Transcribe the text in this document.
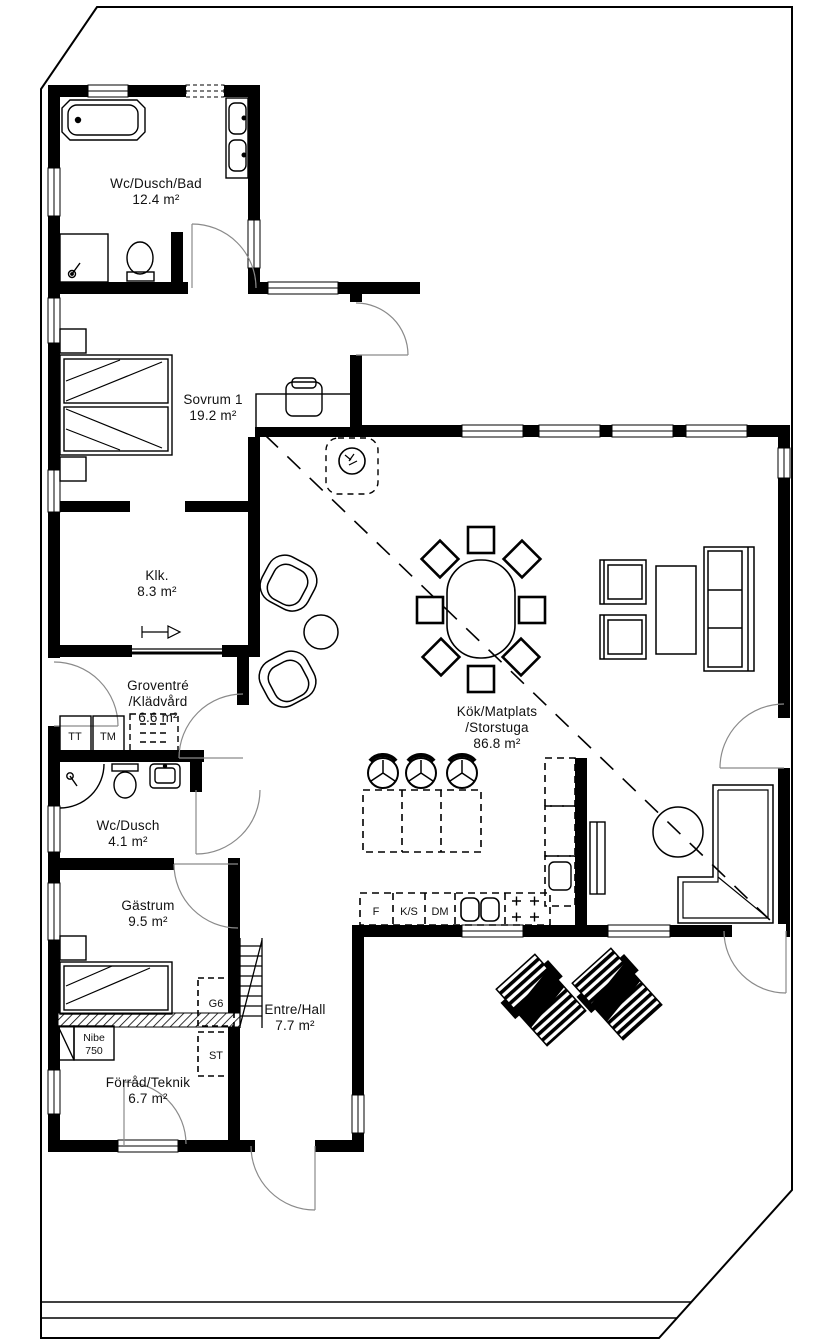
TT TM
Nibe
750
G6
ST
F K/S DM
Wc/Dusch/Bad
12.4 m²
Sovrum 1
19.2 m²
Klk.
8.3 m²
Groventré
/Klädvård
6.6 m²
Wc/Dusch
4.1 m²
Gästrum
9.5 m²
Förråd/Teknik
6.7 m²
Entre/Hall
7.7 m²
Kök/Matplats
/Storstuga
86.8 m²
